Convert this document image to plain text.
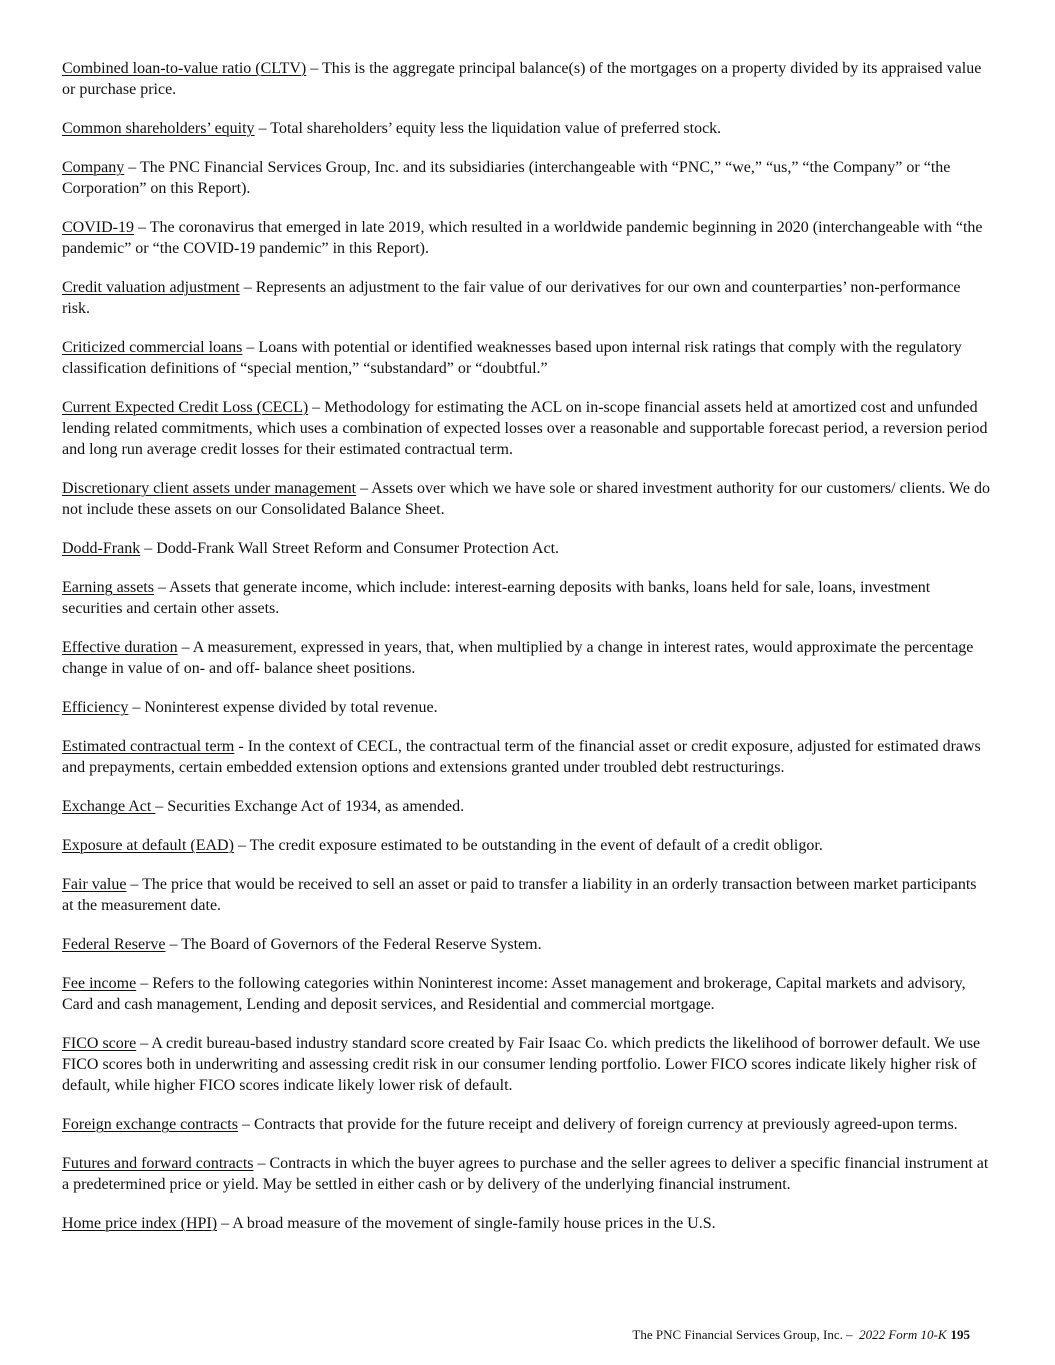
Combined loan-to-value ratio (CLTV) – This is the aggregate principal balance(s) of the mortgages on a property divided by its appraised value or purchase price.

Common shareholders’ equity – Total shareholders’ equity less the liquidation value of preferred stock.

Company – The PNC Financial Services Group, Inc. and its subsidiaries (interchangeable with “PNC,” “we,” “us,” “the Company” or “the Corporation” on this Report).

COVID-19 – The coronavirus that emerged in late 2019, which resulted in a worldwide pandemic beginning in 2020 (interchangeable with “the pandemic” or “the COVID-19 pandemic” in this Report).

Credit valuation adjustment – Represents an adjustment to the fair value of our derivatives for our own and counterparties’ non-performance risk.

Criticized commercial loans – Loans with potential or identified weaknesses based upon internal risk ratings that comply with the regulatory classification definitions of “special mention,” “substandard” or “doubtful.”

Current Expected Credit Loss (CECL) – Methodology for estimating the ACL on in-scope financial assets held at amortized cost and unfunded lending related commitments, which uses a combination of expected losses over a reasonable and supportable forecast period, a reversion period and long run average credit losses for their estimated contractual term.

Discretionary client assets under management – Assets over which we have sole or shared investment authority for our customers/ clients. We do not include these assets on our Consolidated Balance Sheet.

Dodd-Frank – Dodd-Frank Wall Street Reform and Consumer Protection Act.

Earning assets – Assets that generate income, which include: interest-earning deposits with banks, loans held for sale, loans, investment securities and certain other assets.

Effective duration – A measurement, expressed in years, that, when multiplied by a change in interest rates, would approximate the percentage change in value of on- and off- balance sheet positions.

Efficiency – Noninterest expense divided by total revenue.

Estimated contractual term - In the context of CECL, the contractual term of the financial asset or credit exposure, adjusted for estimated draws and prepayments, certain embedded extension options and extensions granted under troubled debt restructurings.

Exchange Act – Securities Exchange Act of 1934, as amended.

Exposure at default (EAD) – The credit exposure estimated to be outstanding in the event of default of a credit obligor.

Fair value – The price that would be received to sell an asset or paid to transfer a liability in an orderly transaction between market participants at the measurement date.

Federal Reserve – The Board of Governors of the Federal Reserve System.

Fee income – Refers to the following categories within Noninterest income: Asset management and brokerage, Capital markets and advisory, Card and cash management, Lending and deposit services, and Residential and commercial mortgage.

FICO score – A credit bureau-based industry standard score created by Fair Isaac Co. which predicts the likelihood of borrower default. We use FICO scores both in underwriting and assessing credit risk in our consumer lending portfolio. Lower FICO scores indicate likely higher risk of default, while higher FICO scores indicate likely lower risk of default.

Foreign exchange contracts – Contracts that provide for the future receipt and delivery of foreign currency at previously agreed-upon terms.

Futures and forward contracts – Contracts in which the buyer agrees to purchase and the seller agrees to deliver a specific financial instrument at a predetermined price or yield. May be settled in either cash or by delivery of the underlying financial instrument.

Home price index (HPI) – A broad measure of the movement of single-family house prices in the U.S.

The PNC Financial Services Group, Inc. – 2022 Form 10-K 195
